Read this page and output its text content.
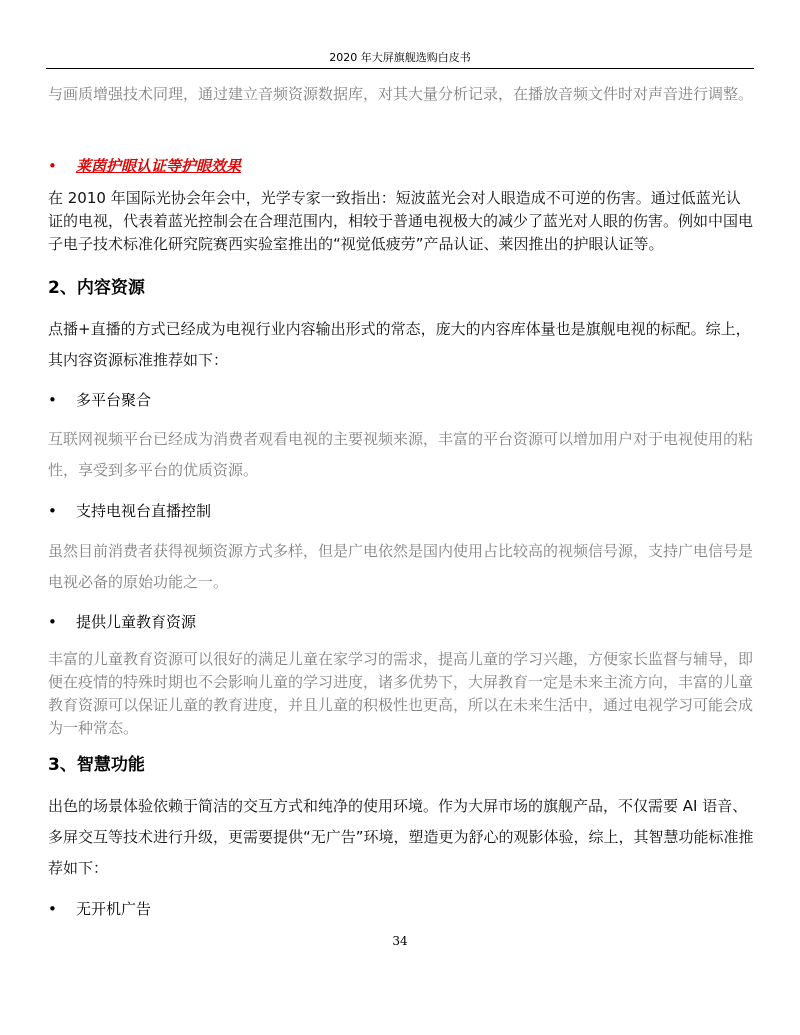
2020 年大屏旗舰选购白皮书
与画质增强技术同理，通过建立音频资源数据库，对其大量分析记录，在播放音频文件时对声音进行调整。
•	莱茵护眼认证等护眼效果
在 2010 年国际光协会年会中，光学专家一致指出：短波蓝光会对人眼造成不可逆的伤害。通过低蓝光认证的电视，代表着蓝光控制会在合理范围内，相较于普通电视极大的减少了蓝光对人眼的伤害。例如中国电子电子技术标准化研究院赛西实验室推出的“视觉低疲劳”产品认证、莱因推出的护眼认证等。
2、内容资源
点播+直播的方式已经成为电视行业内容输出形式的常态，庞大的内容库体量也是旗舰电视的标配。综上，其内容资源标准推荐如下：
•	多平台聚合
互联网视频平台已经成为消费者观看电视的主要视频来源，丰富的平台资源可以增加用户对于电视使用的粘性，享受到多平台的优质资源。
•	支持电视台直播控制
虽然目前消费者获得视频资源方式多样，但是广电依然是国内使用占比较高的视频信号源，支持广电信号是电视必备的原始功能之一。
•	提供儿童教育资源
丰富的儿童教育资源可以很好的满足儿童在家学习的需求，提高儿童的学习兴趣，方便家长监督与辅导，即便在疫情的特殊时期也不会影响儿童的学习进度，诸多优势下，大屏教育一定是未来主流方向，丰富的儿童教育资源可以保证儿童的教育进度，并且儿童的积极性也更高，所以在未来生活中，通过电视学习可能会成为一种常态。
3、智慧功能
出色的场景体验依赖于简洁的交互方式和纯净的使用环境。作为大屏市场的旗舰产品，不仅需要 AI 语音、多屏交互等技术进行升级，更需要提供“无广告”环境，塑造更为舒心的观影体验，综上，其智慧功能标准推荐如下：
•	无开机广告
34
